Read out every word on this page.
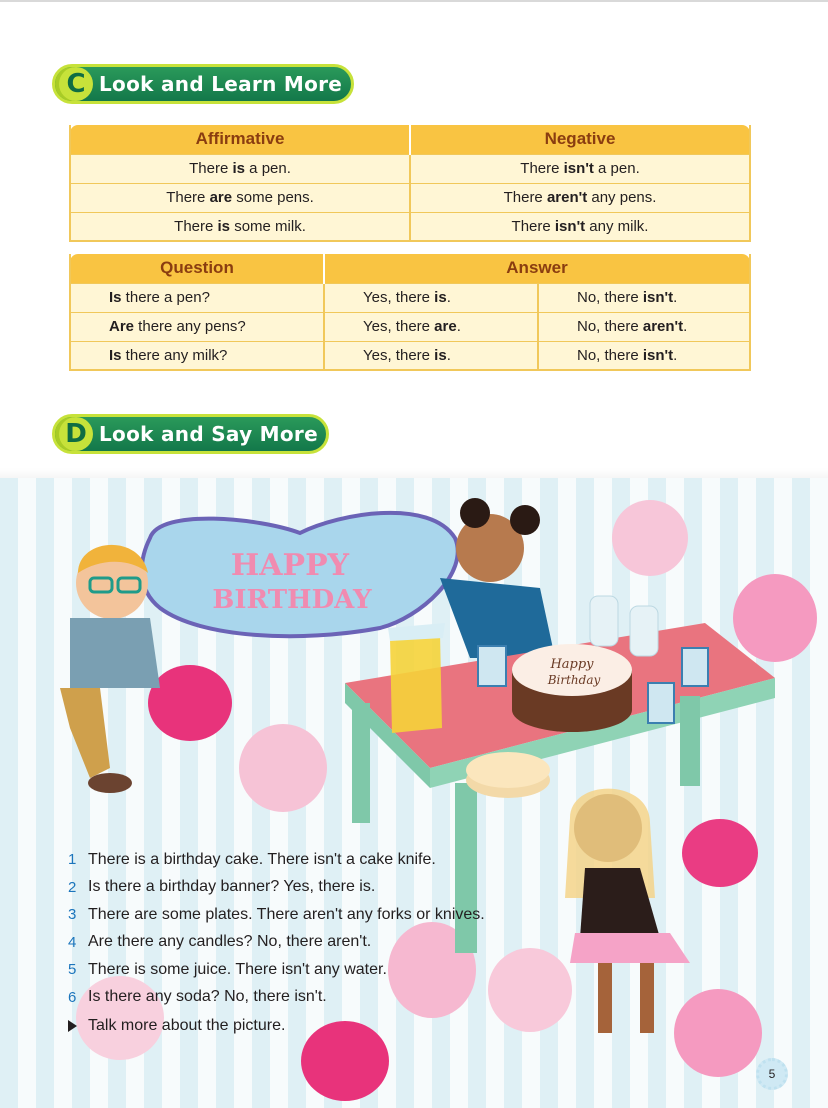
C Look and Learn More
Affirmative	Negative
There is a pen.	There isn't a pen.
There are some pens.	There aren't any pens.
There is some milk.	There isn't any milk.
Question	Answer	
Is there a pen?	Yes, there is.	No, there isn't.
Are there any pens?	Yes, there are.	No, there aren't.
Is there any milk?	Yes, there is.	No, there isn't.
D Look and Say More
HAPPY
BIRTHDAY
Happy
Birthday
1 There is a birthday cake. There isn't a cake knife.
2 Is there a birthday banner? Yes, there is.
3 There are some plates. There aren't any forks or knives.
4 Are there any candles? No, there aren't.
5 There is some juice. There isn't any water.
6 Is there any soda? No, there isn't.
Talk more about the picture.
5
